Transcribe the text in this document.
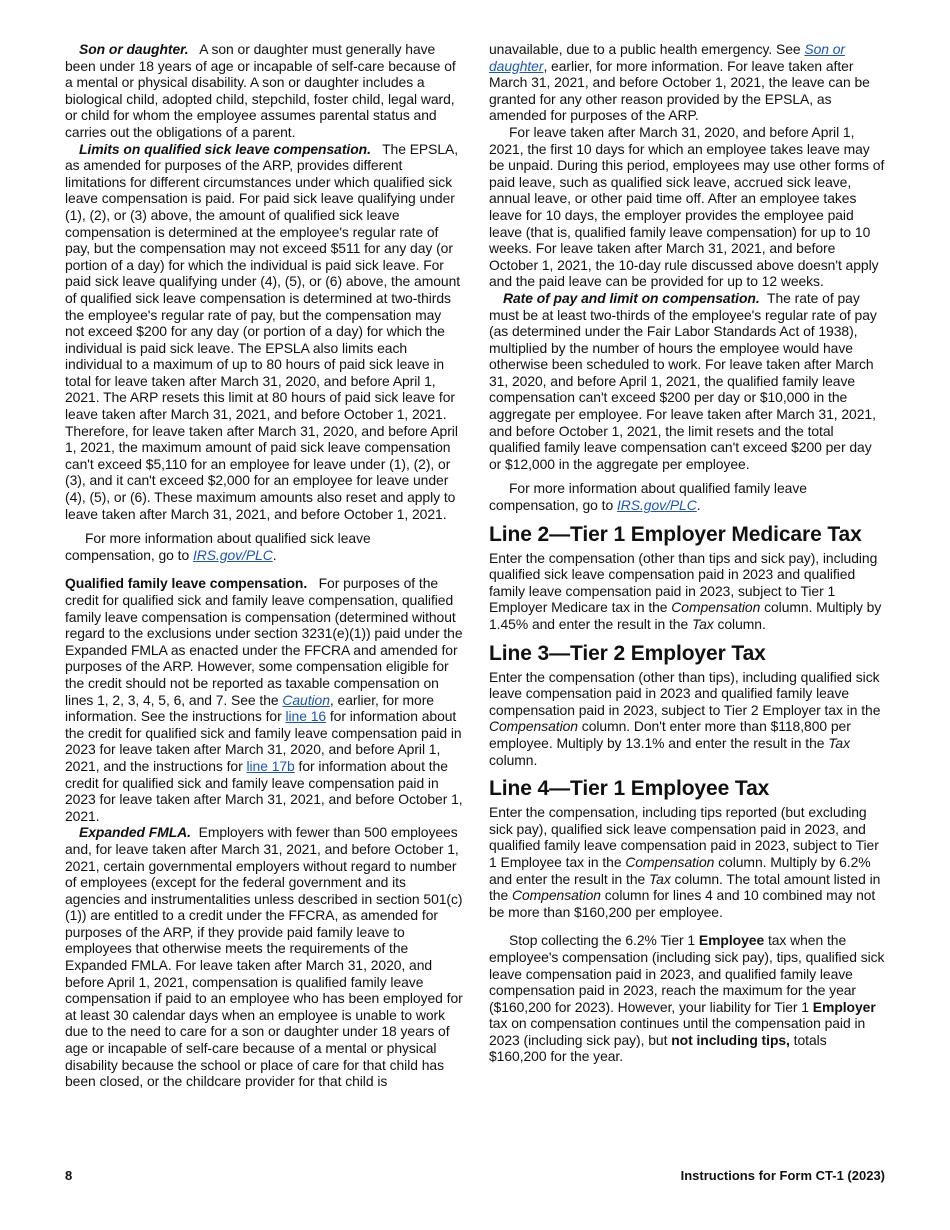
Son or daughter. A son or daughter must generally have been under 18 years of age or incapable of self-care because of a mental or physical disability. A son or daughter includes a biological child, adopted child, stepchild, foster child, legal ward, or child for whom the employee assumes parental status and carries out the obligations of a parent.

Limits on qualified sick leave compensation. The EPSLA, as amended for purposes of the ARP, provides different limitations for different circumstances under which qualified sick leave compensation is paid. For paid sick leave qualifying under (1), (2), or (3) above, the amount of qualified sick leave compensation is determined at the employee's regular rate of pay, but the compensation may not exceed $511 for any day (or portion of a day) for which the individual is paid sick leave. For paid sick leave qualifying under (4), (5), or (6) above, the amount of qualified sick leave compensation is determined at two-thirds the employee's regular rate of pay, but the compensation may not exceed $200 for any day (or portion of a day) for which the individual is paid sick leave. The EPSLA also limits each individual to a maximum of up to 80 hours of paid sick leave in total for leave taken after March 31, 2020, and before April 1, 2021. The ARP resets this limit at 80 hours of paid sick leave for leave taken after March 31, 2021, and before October 1, 2021. Therefore, for leave taken after March 31, 2020, and before April 1, 2021, the maximum amount of paid sick leave compensation can't exceed $5,110 for an employee for leave under (1), (2), or (3), and it can't exceed $2,000 for an employee for leave under (4), (5), or (6). These maximum amounts also reset and apply to leave taken after March 31, 2021, and before October 1, 2021.

For more information about qualified sick leave compensation, go to IRS.gov/PLC.

Qualified family leave compensation. For purposes of the credit for qualified sick and family leave compensation, qualified family leave compensation is compensation (determined without regard to the exclusions under section 3231(e)(1)) paid under the Expanded FMLA as enacted under the FFCRA and amended for purposes of the ARP. However, some compensation eligible for the credit should not be reported as taxable compensation on lines 1, 2, 3, 4, 5, 6, and 7. See the Caution, earlier, for more information. See the instructions for line 16 for information about the credit for qualified sick and family leave compensation paid in 2023 for leave taken after March 31, 2020, and before April 1, 2021, and the instructions for line 17b for information about the credit for qualified sick and family leave compensation paid in 2023 for leave taken after March 31, 2021, and before October 1, 2021.

Expanded FMLA. Employers with fewer than 500 employees and, for leave taken after March 31, 2021, and before October 1, 2021, certain governmental employers without regard to number of employees (except for the federal government and its agencies and instrumentalities unless described in section 501(c)(1)) are entitled to a credit under the FFCRA, as amended for purposes of the ARP, if they provide paid family leave to employees that otherwise meets the requirements of the Expanded FMLA. For leave taken after March 31, 2020, and before April 1, 2021, compensation is qualified family leave compensation if paid to an employee who has been employed for at least 30 calendar days when an employee is unable to work due to the need to care for a son or daughter under 18 years of age or incapable of self-care because of a mental or physical disability because the school or place of care for that child has been closed, or the childcare provider for that child is

unavailable, due to a public health emergency. See Son or daughter, earlier, for more information. For leave taken after March 31, 2021, and before October 1, 2021, the leave can be granted for any other reason provided by the EPSLA, as amended for purposes of the ARP.

For leave taken after March 31, 2020, and before April 1, 2021, the first 10 days for which an employee takes leave may be unpaid. During this period, employees may use other forms of paid leave, such as qualified sick leave, accrued sick leave, annual leave, or other paid time off. After an employee takes leave for 10 days, the employer provides the employee paid leave (that is, qualified family leave compensation) for up to 10 weeks. For leave taken after March 31, 2021, and before October 1, 2021, the 10-day rule discussed above doesn't apply and the paid leave can be provided for up to 12 weeks.

Rate of pay and limit on compensation. The rate of pay must be at least two-thirds of the employee's regular rate of pay (as determined under the Fair Labor Standards Act of 1938), multiplied by the number of hours the employee would have otherwise been scheduled to work. For leave taken after March 31, 2020, and before April 1, 2021, the qualified family leave compensation can't exceed $200 per day or $10,000 in the aggregate per employee. For leave taken after March 31, 2021, and before October 1, 2021, the limit resets and the total qualified family leave compensation can't exceed $200 per day or $12,000 in the aggregate per employee.

For more information about qualified family leave compensation, go to IRS.gov/PLC.

Line 2—Tier 1 Employer Medicare Tax

Enter the compensation (other than tips and sick pay), including qualified sick leave compensation paid in 2023 and qualified family leave compensation paid in 2023, subject to Tier 1 Employer Medicare tax in the Compensation column. Multiply by 1.45% and enter the result in the Tax column.

Line 3—Tier 2 Employer Tax

Enter the compensation (other than tips), including qualified sick leave compensation paid in 2023 and qualified family leave compensation paid in 2023, subject to Tier 2 Employer tax in the Compensation column. Don't enter more than $118,800 per employee. Multiply by 13.1% and enter the result in the Tax column.

Line 4—Tier 1 Employee Tax

Enter the compensation, including tips reported (but excluding sick pay), qualified sick leave compensation paid in 2023, and qualified family leave compensation paid in 2023, subject to Tier 1 Employee tax in the Compensation column. Multiply by 6.2% and enter the result in the Tax column. The total amount listed in the Compensation column for lines 4 and 10 combined may not be more than $160,200 per employee.

Stop collecting the 6.2% Tier 1 Employee tax when the employee's compensation (including sick pay), tips, qualified sick leave compensation paid in 2023, and qualified family leave compensation paid in 2023, reach the maximum for the year ($160,200 for 2023). However, your liability for Tier 1 Employer tax on compensation continues until the compensation paid in 2023 (including sick pay), but not including tips, totals $160,200 for the year.

8	Instructions for Form CT-1 (2023)
